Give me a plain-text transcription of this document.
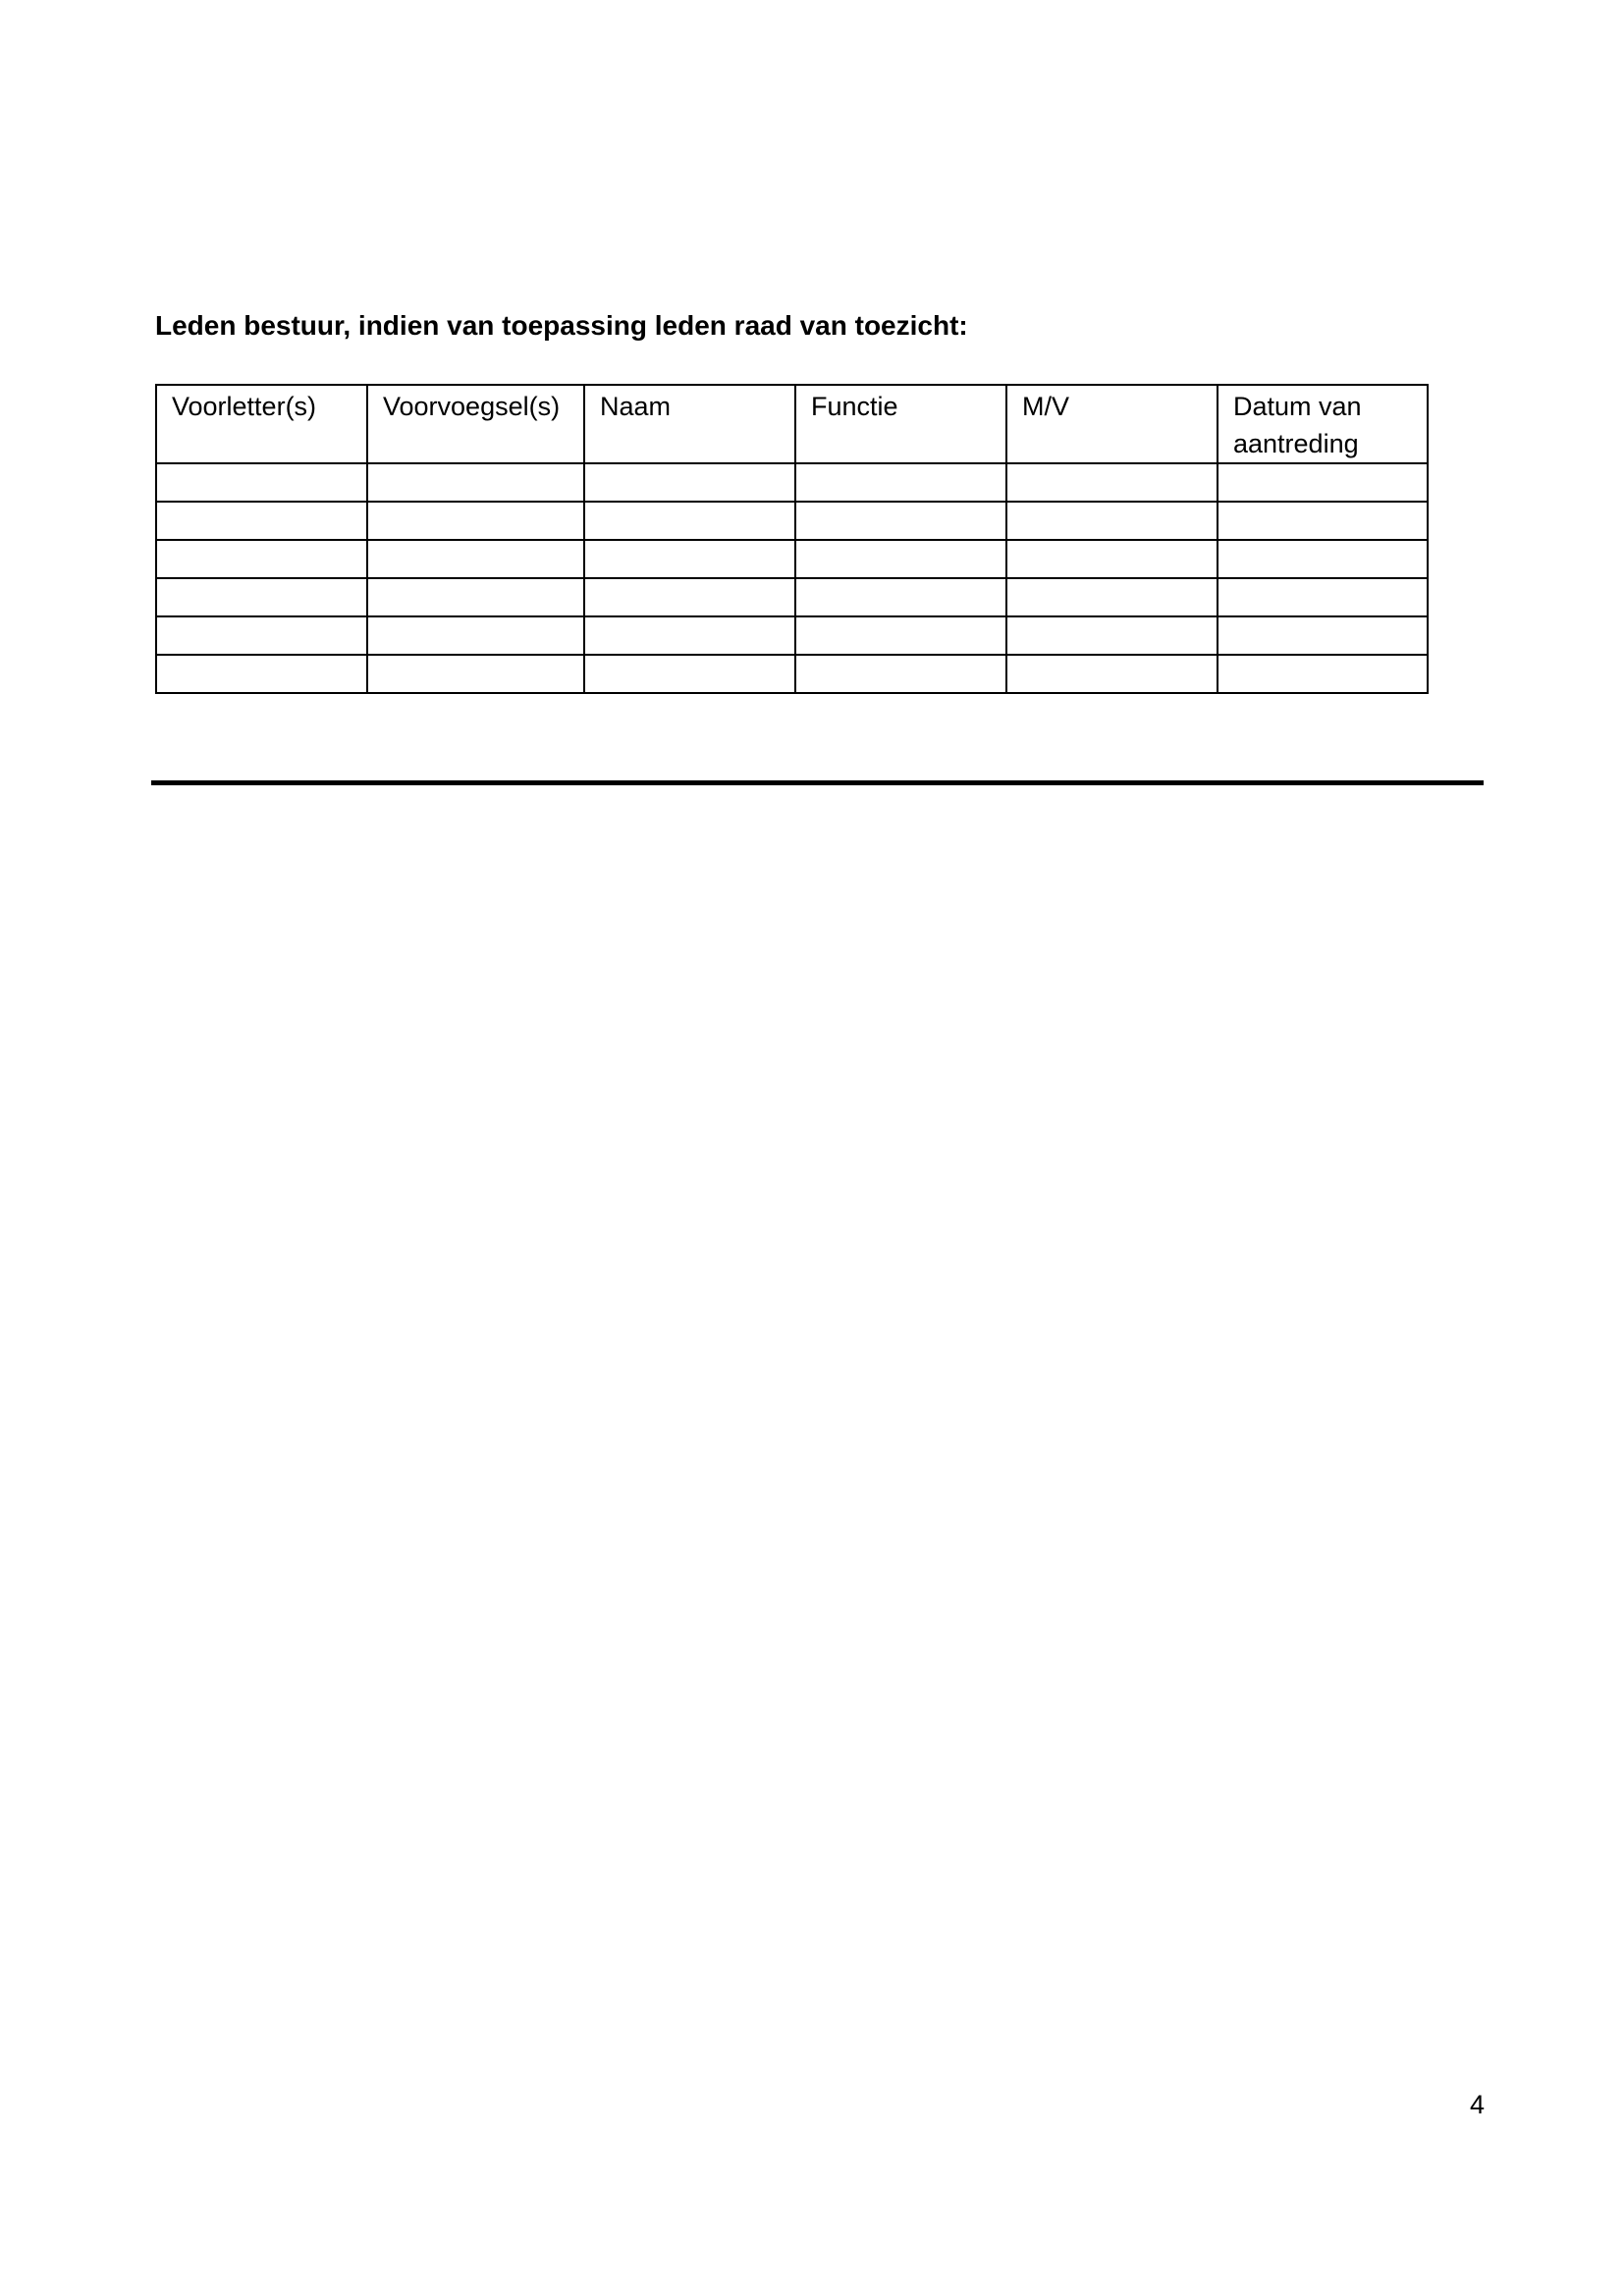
Leden bestuur, indien van toepassing leden raad van toezicht:
Voorletter(s)	Voorvoegsel(s)	Naam	Functie	M/V	Datum van aantreding

4
